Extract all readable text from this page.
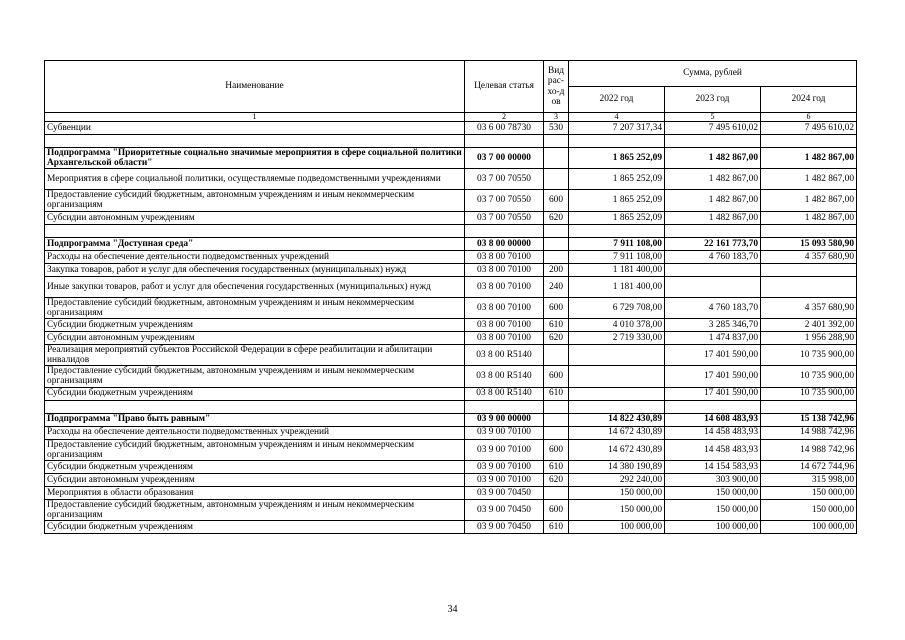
Наименование	Целевая статья	Вид рас-хо-дов	Сумма, рублей		
			2022 год	2023 год	2024 год
1	2	3	4	5	6
Субвенции	03 6 00 78730	530	7 207 317,34	7 495 610,02	7 495 610,02

Подпрограмма "Приоритетные социально значимые мероприятия в сфере социальной политики Архангельской области"	03 7 00 00000		1 865 252,09	1 482 867,00	1 482 867,00
Мероприятия в сфере социальной политики, осуществляемые подведомственными учреждениями	03 7 00 70550		1 865 252,09	1 482 867,00	1 482 867,00
Предоставление субсидий бюджетным, автономным учреждениям и иным некоммерческим организациям	03 7 00 70550	600	1 865 252,09	1 482 867,00	1 482 867,00
Субсидии автономным учреждениям	03 7 00 70550	620	1 865 252,09	1 482 867,00	1 482 867,00

Подпрограмма "Доступная среда"	03 8 00 00000		7 911 108,00	22 161 773,70	15 093 580,90
Расходы на обеспечение деятельности подведомственных учреждений	03 8 00 70100		7 911 108,00	4 760 183,70	4 357 680,90
Закупка товаров, работ и услуг для обеспечения государственных (муниципальных) нужд	03 8 00 70100	200	1 181 400,00		
Иные закупки товаров, работ и услуг для обеспечения государственных (муниципальных) нужд	03 8 00 70100	240	1 181 400,00		
Предоставление субсидий бюджетным, автономным учреждениям и иным некоммерческим организациям	03 8 00 70100	600	6 729 708,00	4 760 183,70	4 357 680,90
Субсидии бюджетным учреждениям	03 8 00 70100	610	4 010 378,00	3 285 346,70	2 401 392,00
Субсидии автономным учреждениям	03 8 00 70100	620	2 719 330,00	1 474 837,00	1 956 288,90
Реализация мероприятий субъектов Российской Федерации в сфере реабилитации и абилитации инвалидов	03 8 00 R5140			17 401 590,00	10 735 900,00
Предоставление субсидий бюджетным, автономным учреждениям и иным некоммерческим организациям	03 8 00 R5140	600		17 401 590,00	10 735 900,00
Субсидии бюджетным учреждениям	03 8 00 R5140	610		17 401 590,00	10 735 900,00

Подпрограмма "Право быть равным"	03 9 00 00000		14 822 430,89	14 608 483,93	15 138 742,96
Расходы на обеспечение деятельности подведомственных учреждений	03 9 00 70100		14 672 430,89	14 458 483,93	14 988 742,96
Предоставление субсидий бюджетным, автономным учреждениям и иным некоммерческим организациям	03 9 00 70100	600	14 672 430,89	14 458 483,93	14 988 742,96
Субсидии бюджетным учреждениям	03 9 00 70100	610	14 380 190,89	14 154 583,93	14 672 744,96
Субсидии автономным учреждениям	03 9 00 70100	620	292 240,00	303 900,00	315 998,00
Мероприятия в области образования	03 9 00 70450		150 000,00	150 000,00	150 000,00
Предоставление субсидий бюджетным, автономным учреждениям и иным некоммерческим организациям	03 9 00 70450	600	150 000,00	150 000,00	150 000,00
Субсидии бюджетным учреждениям	03 9 00 70450	610	100 000,00	100 000,00	100 000,00
34
